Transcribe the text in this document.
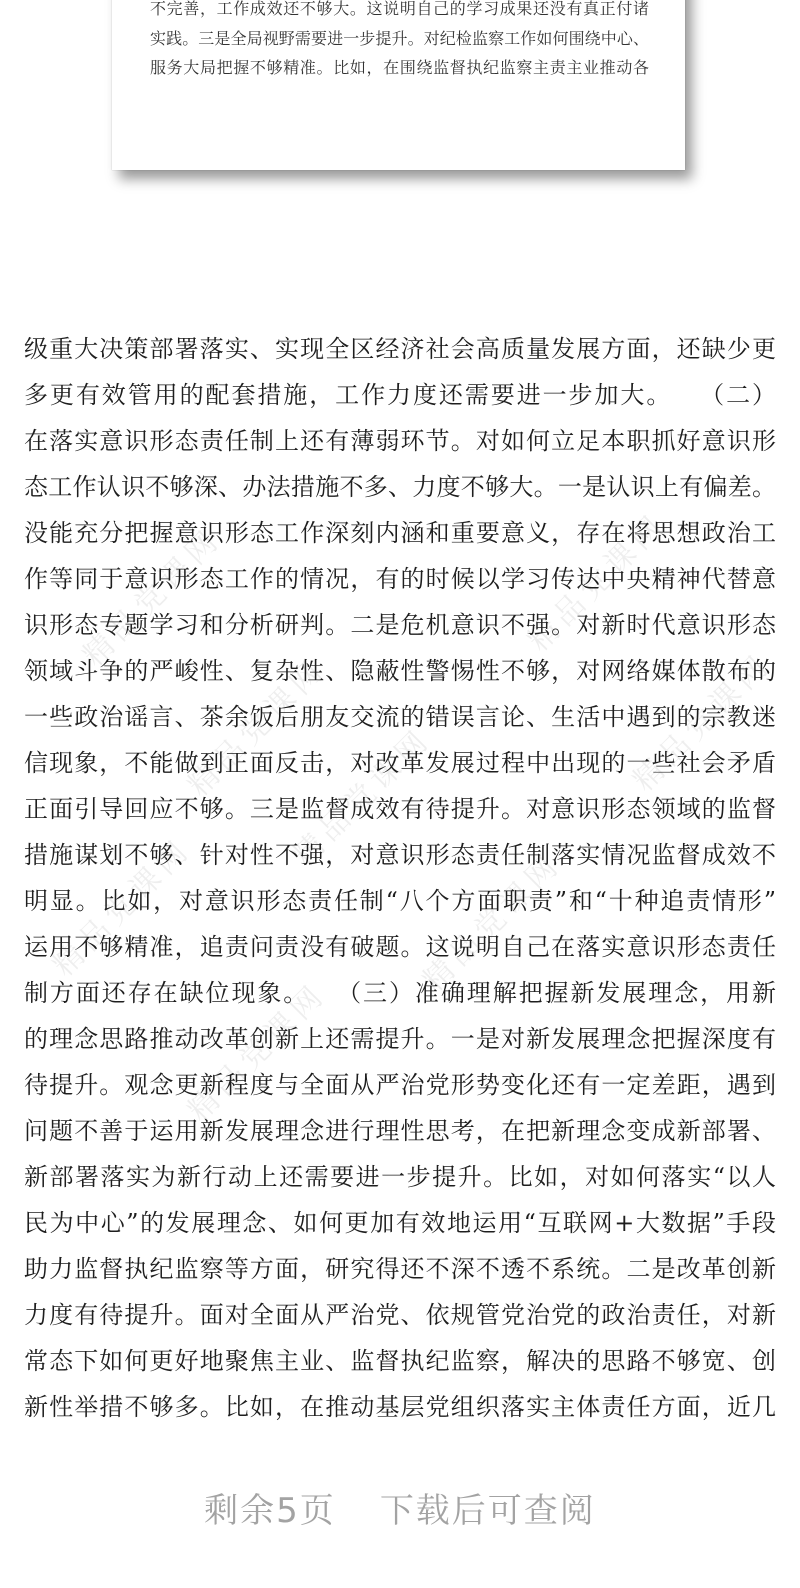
不完善，工作成效还不够大。这说明自己的学习成果还没有真正付诸
实践。三是全局视野需要进一步提升。对纪检监察工作如何围绕中心、
服务大局把握不够精准。比如，在围绕监督执纪监察主责主业推动各
精品党课网	精品党课网
精品党课网	精品党课网
精品党课网
精品党课网	精品党课网
精品党课网
级重大决策部署落实、实现全区经济社会高质量发展方面，还缺少更
多更有效管用的配套措施，工作力度还需要进一步加大。　　（二）
在落实意识形态责任制上还有薄弱环节。对如何立足本职抓好意识形
态工作认识不够深、办法措施不多、力度不够大。一是认识上有偏差。
没能充分把握意识形态工作深刻内涵和重要意义，存在将思想政治工
作等同于意识形态工作的情况，有的时候以学习传达中央精神代替意
识形态专题学习和分析研判。二是危机意识不强。对新时代意识形态
领域斗争的严峻性、复杂性、隐蔽性警惕性不够，对网络媒体散布的
一些政治谣言、茶余饭后朋友交流的错误言论、生活中遇到的宗教迷
信现象，不能做到正面反击，对改革发展过程中出现的一些社会矛盾
正面引导回应不够。三是监督成效有待提升。对意识形态领域的监督
措施谋划不够、针对性不强，对意识形态责任制落实情况监督成效不
明显。比如，对意识形态责任制“八个方面职责”和“十种追责情形”
运用不够精准，追责问责没有破题。这说明自己在落实意识形态责任
制方面还存在缺位现象。　　（三）准确理解把握新发展理念，用新
的理念思路推动改革创新上还需提升。一是对新发展理念把握深度有
待提升。观念更新程度与全面从严治党形势变化还有一定差距，遇到
问题不善于运用新发展理念进行理性思考，在把新理念变成新部署、
新部署落实为新行动上还需要进一步提升。比如，对如何落实“以人
民为中心”的发展理念、如何更加有效地运用“互联网+大数据”手段
助力监督执纪监察等方面，研究得还不深不透不系统。二是改革创新
力度有待提升。面对全面从严治党、依规管党治党的政治责任，对新
常态下如何更好地聚焦主业、监督执纪监察，解决的思路不够宽、创
新性举措不够多。比如，在推动基层党组织落实主体责任方面，近几
剩余5页 下载后可查阅
